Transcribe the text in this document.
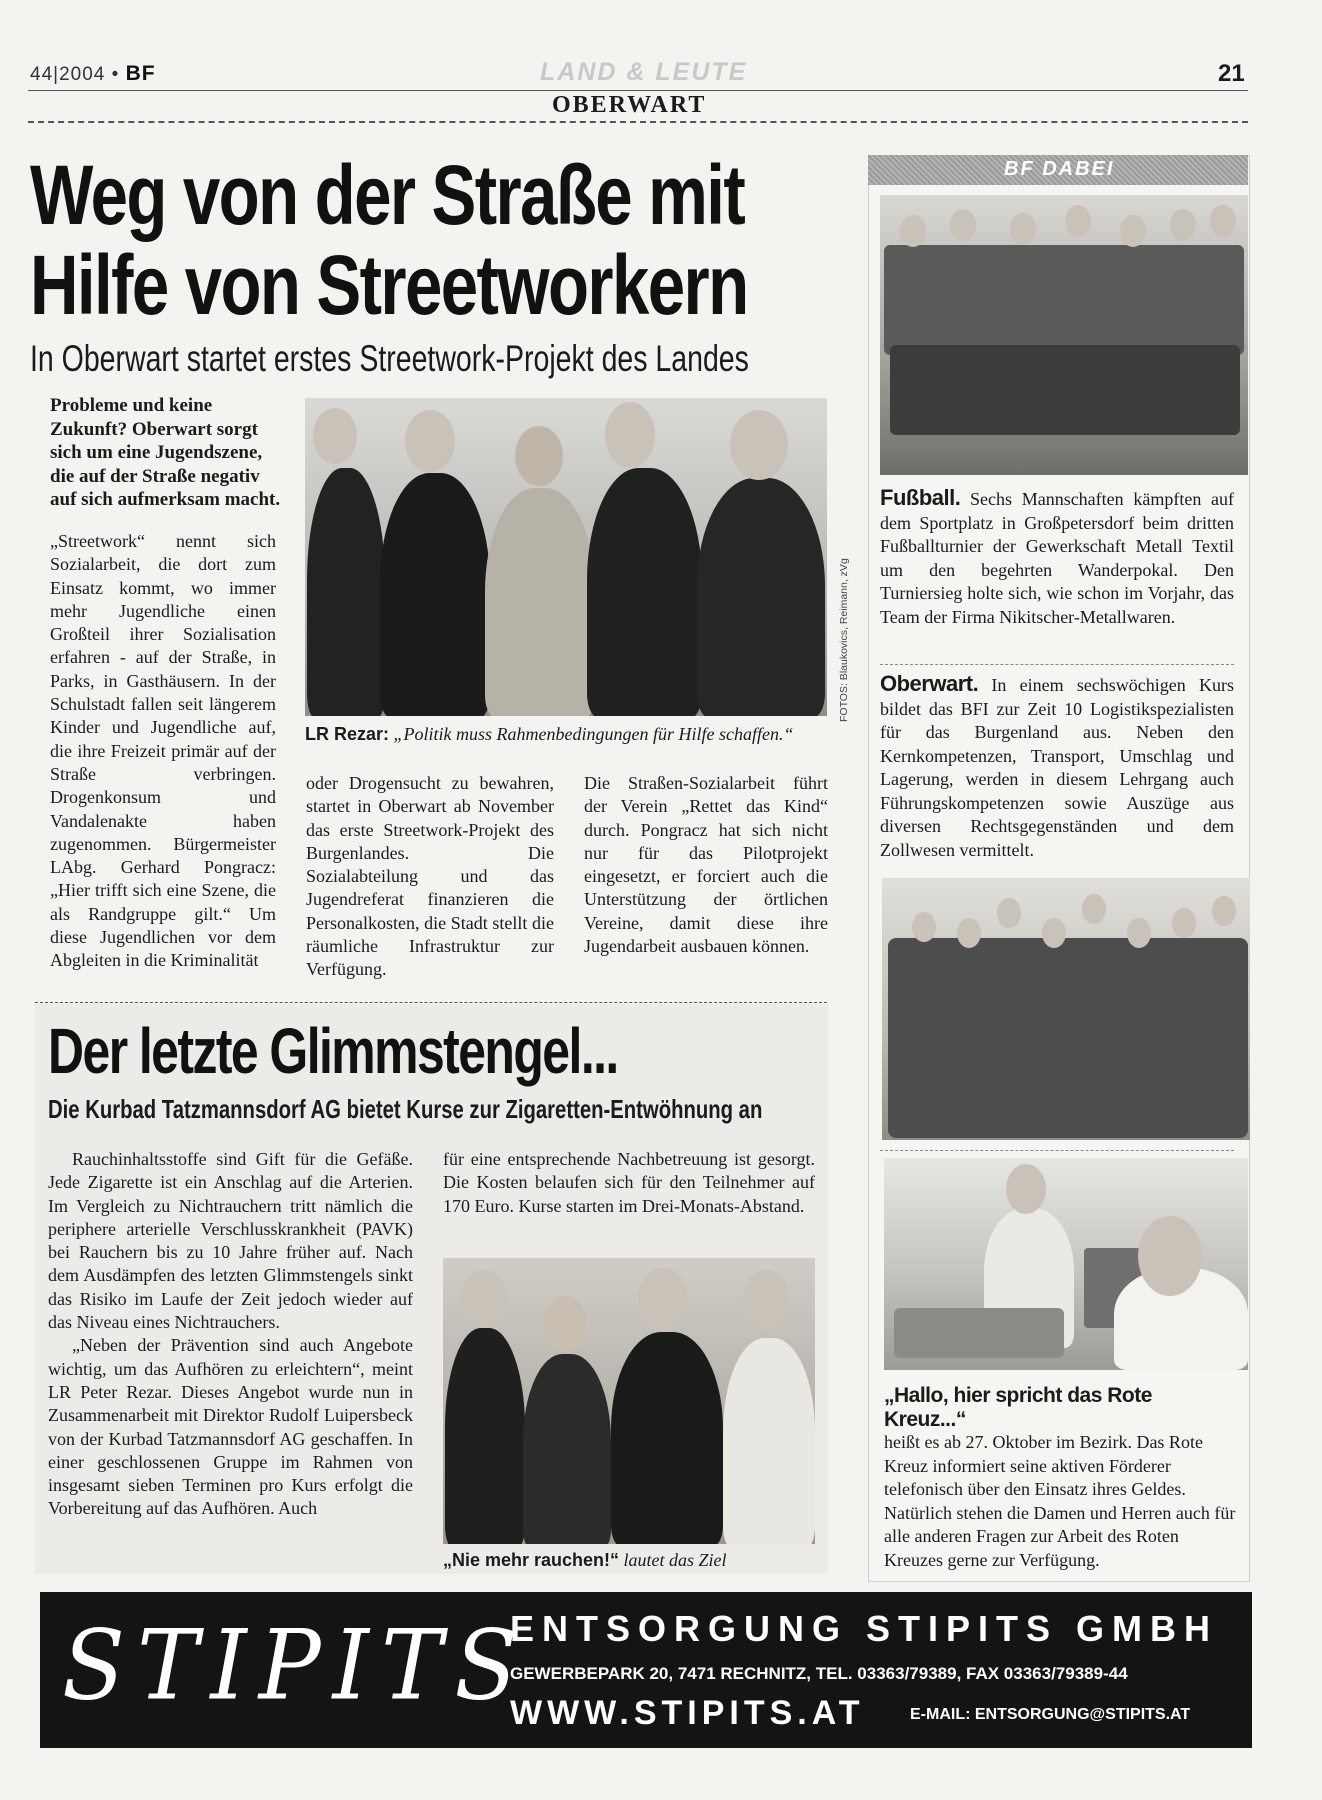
44|2004 • BF	LAND & LEUTE	21
OBERWART
Weg von der Straße mit
Hilfe von Streetworkern
In Oberwart startet erstes Streetwork-Projekt des Landes
Probleme und keine Zukunft? Oberwart sorgt sich um eine Jugendszene, die auf der Straße negativ auf sich aufmerksam macht.

„Streetwork“ nennt sich Sozialarbeit, die dort zum Einsatz kommt, wo immer mehr Jugendliche einen Großteil ihrer Sozialisation erfahren - auf der Straße, in Parks, in Gasthäusern. In der Schulstadt fallen seit längerem Kinder und Jugendliche auf, die ihre Freizeit primär auf der Straße verbringen. Drogenkonsum und Vandalenakte haben zugenommen. Bürgermeister LAbg. Gerhard Pongracz: „Hier trifft sich eine Szene, die als Randgruppe gilt.“ Um diese Jugendlichen vor dem Abgleiten in die Kriminalität

FOTOS: Blaukovics, Reimann, zVg
LR Rezar: „Politik muss Rahmenbedingungen für Hilfe schaffen.“

oder Drogensucht zu bewahren, startet in Oberwart ab November das erste Streetwork-Projekt des Burgenlandes. Die Sozialabteilung und das Jugendreferat finanzieren die Personalkosten, die Stadt stellt die räumliche Infrastruktur zur Verfügung.

Die Straßen-Sozialarbeit führt der Verein „Rettet das Kind“ durch. Pongracz hat sich nicht nur für das Pilotprojekt eingesetzt, er forciert auch die Unterstützung der örtlichen Vereine, damit diese ihre Jugendarbeit ausbauen können.

Der letzte Glimmstengel...
Die Kurbad Tatzmannsdorf AG bietet Kurse zur Zigaretten-Entwöhnung an

Rauchinhaltsstoffe sind Gift für die Gefäße. Jede Zigarette ist ein Anschlag auf die Arterien. Im Vergleich zu Nichtrauchern tritt nämlich die periphere arterielle Verschlusskrankheit (PAVK) bei Rauchern bis zu 10 Jahre früher auf. Nach dem Ausdämpfen des letzten Glimmstengels sinkt das Risiko im Laufe der Zeit jedoch wieder auf das Niveau eines Nichtrauchers.

„Neben der Prävention sind auch Angebote wichtig, um das Aufhören zu erleichtern“, meint LR Peter Rezar. Dieses Angebot wurde nun in Zusammenarbeit mit Direktor Rudolf Luipersbeck von der Kurbad Tatzmannsdorf AG geschaffen. In einer geschlossenen Gruppe im Rahmen von insgesamt sieben Terminen pro Kurs erfolgt die Vorbereitung auf das Aufhören. Auch

für eine entsprechende Nachbetreuung ist gesorgt. Die Kosten belaufen sich für den Teilnehmer auf 170 Euro. Kurse starten im Drei-Monats-Abstand.

„Nie mehr rauchen!“ lautet das Ziel
BF DABEI
Fußball. Sechs Mannschaften kämpften auf dem Sportplatz in Großpetersdorf beim dritten Fußballturnier der Gewerkschaft Metall Textil um den begehrten Wanderpokal. Den Turniersieg holte sich, wie schon im Vorjahr, das Team der Firma Nikitscher-Metallwaren.
Oberwart. In einem sechswöchigen Kurs bildet das BFI zur Zeit 10 Logistikspezialisten für das Burgenland aus. Neben den Kernkompetenzen, Transport, Umschlag und Lagerung, werden in diesem Lehrgang auch Führungskompetenzen sowie Auszüge aus diversen Rechtsgegenständen und dem Zollwesen vermittelt.
„Hallo, hier spricht das Rote Kreuz...“
heißt es ab 27. Oktober im Bezirk. Das Rote Kreuz informiert seine aktiven Förderer telefonisch über den Einsatz ihres Geldes. Natürlich stehen die Damen und Herren auch für alle anderen Fragen zur Arbeit des Roten Kreuzes gerne zur Verfügung.
STIPITS
ENTSORGUNG STIPITS GMBH
GEWERBEPARK 20, 7471 RECHNITZ, TEL. 03363/79389, FAX 03363/79389-44
WWW.STIPITS.AT	E-MAIL: ENTSORGUNG@STIPITS.AT
